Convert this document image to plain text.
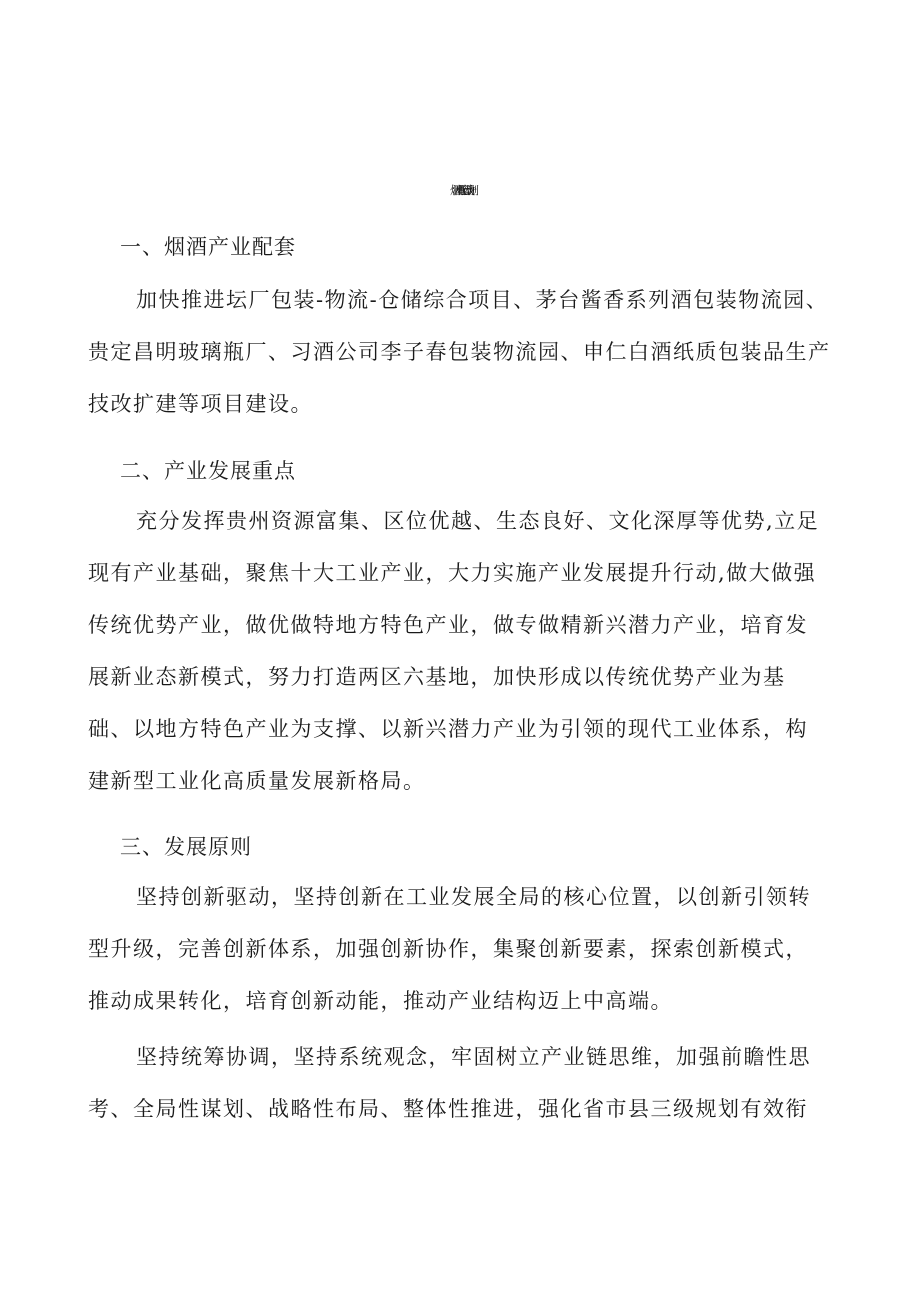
烟酒产业配套行动计划
一、烟酒产业配套
加快推进坛厂包装-物流-仓储综合项目、茅台酱香系列酒包装物流园、
贵定昌明玻璃瓶厂、习酒公司李子春包装物流园、申仁白酒纸质包装品生产
技改扩建等项目建设。
二、产业发展重点
充分发挥贵州资源富集、区位优越、生态良好、文化深厚等优势,立足
现有产业基础，聚焦十大工业产业，大力实施产业发展提升行动,做大做强
传统优势产业，做优做特地方特色产业，做专做精新兴潜力产业，培育发
展新业态新模式，努力打造两区六基地，加快形成以传统优势产业为基
础、以地方特色产业为支撑、以新兴潜力产业为引领的现代工业体系，构
建新型工业化高质量发展新格局。
三、发展原则
坚持创新驱动，坚持创新在工业发展全局的核心位置，以创新引领转
型升级，完善创新体系，加强创新协作，集聚创新要素，探索创新模式，
推动成果转化，培育创新动能，推动产业结构迈上中高端。
坚持统筹协调，坚持系统观念，牢固树立产业链思维，加强前瞻性思
考、全局性谋划、战略性布局、整体性推进，强化省市县三级规划有效衔
